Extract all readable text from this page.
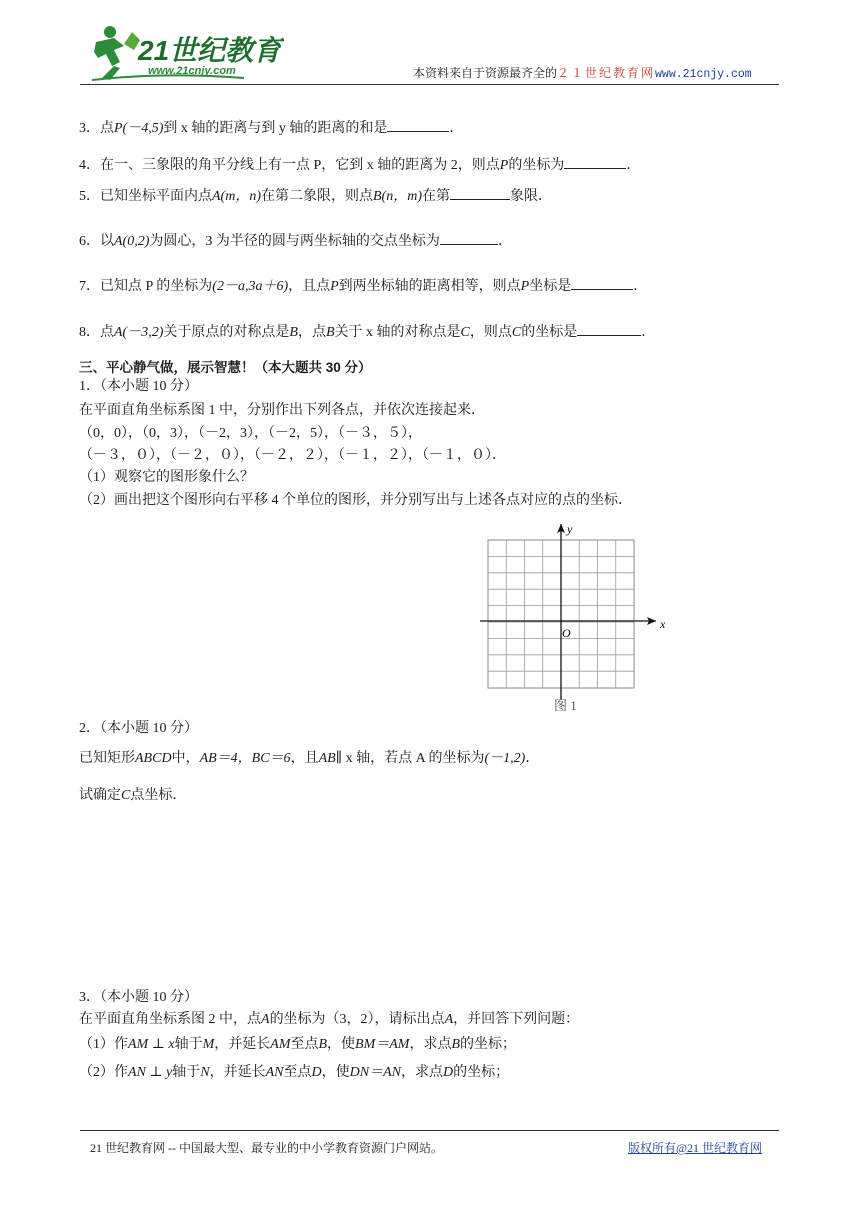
21世纪教育
www.21cnjy.com	本资料来自于资源最齐全的２１世纪教育网www.21cnjy.com
3．点P(－4,5)到 x 轴的距离与到 y 轴的距离的和是	．
4．在一、三象限的角平分线上有一点 P，它到 x 轴的距离为 2，则点P的坐标为	．
5．已知坐标平面内点A(m，n)在第二象限，则点B(n，m)在第	象限．
6．以A(0,2)为圆心，3 为半径的圆与两坐标轴的交点坐标为	．
7．已知点 P 的坐标为(2－a,3a＋6)，且点P到两坐标轴的距离相等，则点P坐标是	．
8．点A(－3,2)关于原点的对称点是B，点B关于 x 轴的对称点是C，则点C的坐标是	．
三、平心静气做，展示智慧！（本大题共 30 分）
1．（本小题 10 分）
在平面直角坐标系图 1 中，分别作出下列各点，并依次连接起来．
（0，0），（0，3），（－2，3），（－2，5），（－３，５），
（－３，０），（－２，０），（－２，２），（－１，２），（－１，０）．
（1）观察它的图形象什么？
（2）画出把这个图形向右平移 4 个单位的图形，并分别写出与上述各点对应的点的坐标．
x
y
O
图 1
2．（本小题 10 分）
已知矩形ABCD中，AB＝4，BC＝6，且AB∥ x 轴，若点 A 的坐标为(－1,2)．
试确定C点坐标．
3．（本小题 10 分）
在平面直角坐标系图 2 中，点A的坐标为（3，2），请标出点A，并回答下列问题：
（1）作AM ⊥ x轴于M，并延长AM至点B，使BM＝AM，求点B的坐标；
（2）作AN ⊥ y轴于N，并延长AN至点D，使DN＝AN，求点D的坐标；
21 世纪教育网 -- 中国最大型、最专业的中小学教育资源门户网站。	版权所有@21 世纪教育网
